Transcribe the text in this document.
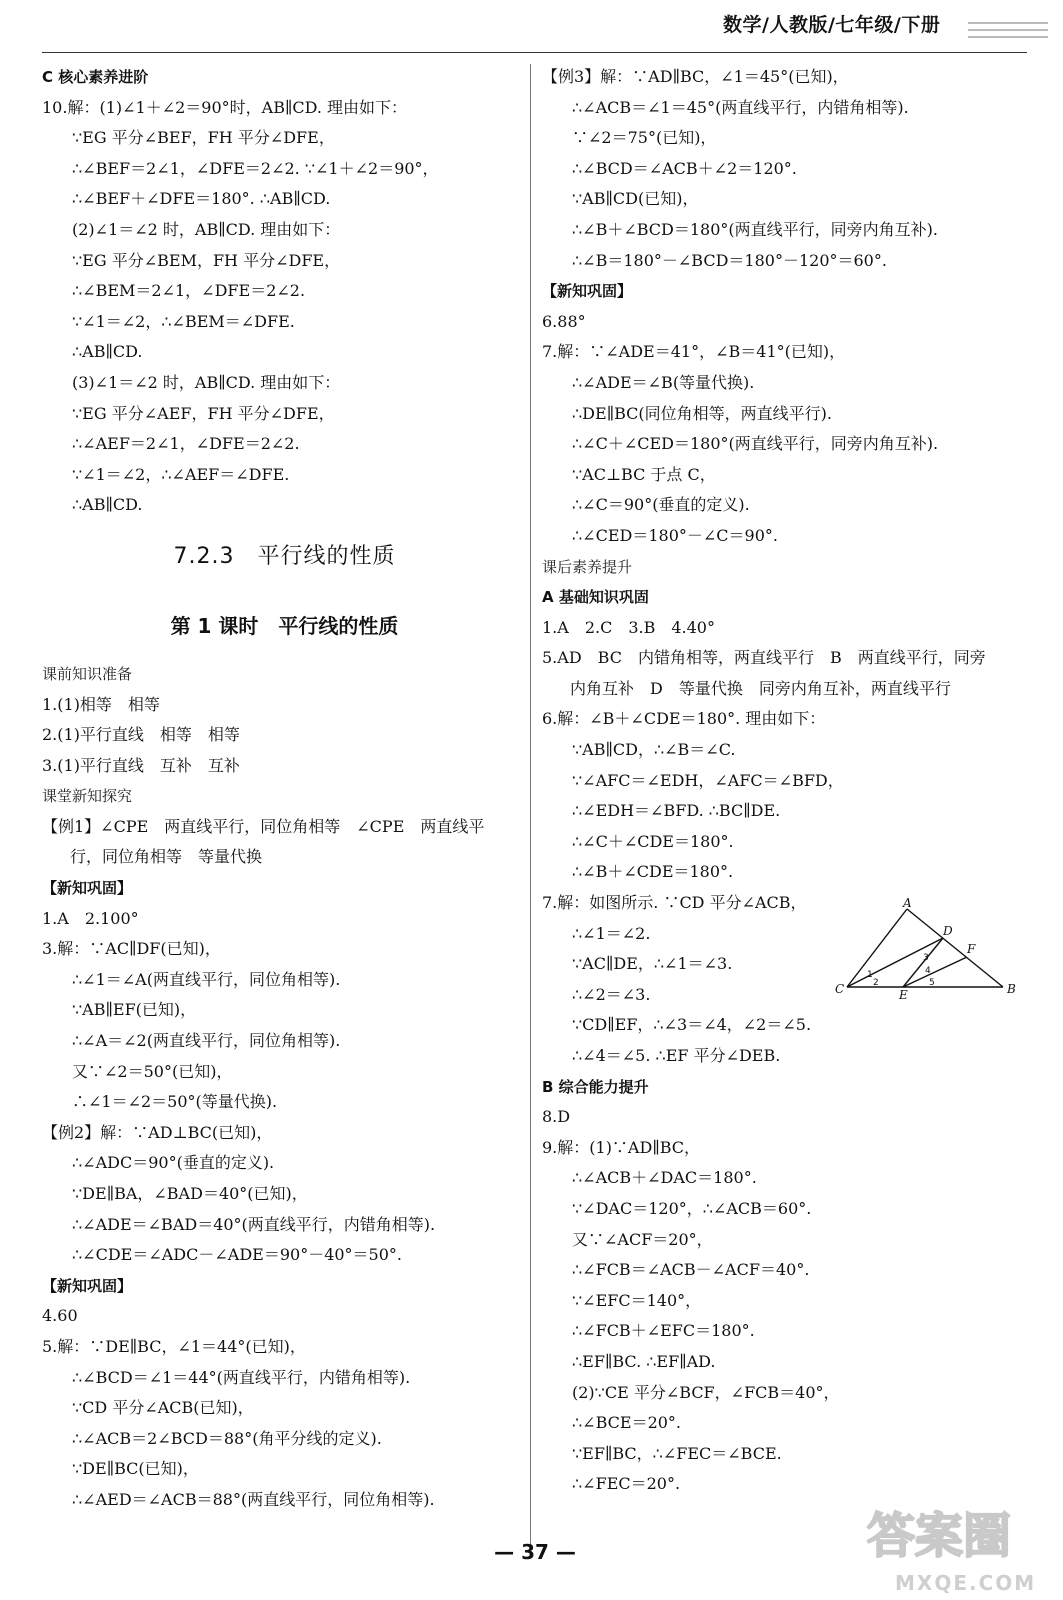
数学/人教版/七年级/下册
C 核心素养进阶
10.解：(1)∠1＋∠2＝90°时，AB∥CD. 理由如下：
∵EG 平分∠BEF，FH 平分∠DFE，
∴∠BEF＝2∠1，∠DFE＝2∠2. ∵∠1＋∠2＝90°，
∴∠BEF＋∠DFE＝180°. ∴AB∥CD.
(2)∠1＝∠2 时，AB∥CD. 理由如下：
∵EG 平分∠BEM，FH 平分∠DFE，
∴∠BEM＝2∠1，∠DFE＝2∠2.
∵∠1＝∠2，∴∠BEM＝∠DFE.
∴AB∥CD.
(3)∠1＝∠2 时，AB∥CD. 理由如下：
∵EG 平分∠AEF，FH 平分∠DFE，
∴∠AEF＝2∠1，∠DFE＝2∠2.
∵∠1＝∠2，∴∠AEF＝∠DFE.
∴AB∥CD.
7.2.3　平行线的性质
第 1 课时　平行线的性质
课前知识准备
1.(1)相等　相等
2.(1)平行直线　相等　相等
3.(1)平行直线　互补　互补
课堂新知探究
【例1】∠CPE　两直线平行，同位角相等　∠CPE　两直线平
行，同位角相等　等量代换
【新知巩固】
1.A　2.100°
3.解：∵AC∥DF(已知)，
∴∠1＝∠A(两直线平行，同位角相等).
∵AB∥EF(已知)，
∴∠A＝∠2(两直线平行，同位角相等).
又∵∠2＝50°(已知)，
∴∠1＝∠2＝50°(等量代换).
【例2】解：∵AD⊥BC(已知)，
∴∠ADC＝90°(垂直的定义).
∵DE∥BA，∠BAD＝40°(已知)，
∴∠ADE＝∠BAD＝40°(两直线平行，内错角相等).
∴∠CDE＝∠ADC－∠ADE＝90°－40°＝50°.
【新知巩固】
4.60
5.解：∵DE∥BC，∠1＝44°(已知)，
∴∠BCD＝∠1＝44°(两直线平行，内错角相等).
∵CD 平分∠ACB(已知)，
∴∠ACB＝2∠BCD＝88°(角平分线的定义).
∵DE∥BC(已知)，
∴∠AED＝∠ACB＝88°(两直线平行，同位角相等).
【例3】解：∵AD∥BC，∠1＝45°(已知)，
∴∠ACB＝∠1＝45°(两直线平行，内错角相等).
∵∠2＝75°(已知)，
∴∠BCD＝∠ACB＋∠2＝120°.
∵AB∥CD(已知)，
∴∠B＋∠BCD＝180°(两直线平行，同旁内角互补).
∴∠B＝180°－∠BCD＝180°－120°＝60°.
【新知巩固】
6.88°
7.解：∵∠ADE＝41°，∠B＝41°(已知)，
∴∠ADE＝∠B(等量代换).
∴DE∥BC(同位角相等，两直线平行).
∴∠C＋∠CED＝180°(两直线平行，同旁内角互补).
∵AC⊥BC 于点 C，
∴∠C＝90°(垂直的定义).
∴∠CED＝180°－∠C＝90°.
课后素养提升
A 基础知识巩固
1.A　2.C　3.B　4.40°
5.AD　BC　内错角相等，两直线平行　B　两直线平行，同旁
内角互补　D　等量代换　同旁内角互补，两直线平行
6.解：∠B＋∠CDE＝180°. 理由如下：
∵AB∥CD，∴∠B＝∠C.
∵∠AFC＝∠EDH，∠AFC＝∠BFD，
∴∠EDH＝∠BFD. ∴BC∥DE.
∴∠C＋∠CDE＝180°.
∴∠B＋∠CDE＝180°.
7.解：如图所示. ∵CD 平分∠ACB，
∴∠1＝∠2.
∵AC∥DE，∴∠1＝∠3.
∴∠2＝∠3.
∵CD∥EF，∴∠3＝∠4，∠2＝∠5.
∴∠4＝∠5. ∴EF 平分∠DEB.
B 综合能力提升
8.D
9.解：(1)∵AD∥BC，
∴∠ACB＋∠DAC＝180°.
∵∠DAC＝120°，∴∠ACB＝60°.
又∵∠ACF＝20°，
∴∠FCB＝∠ACB－∠ACF＝40°.
∵∠EFC＝140°，
∴∠FCB＋∠EFC＝180°.
∴EF∥BC. ∴EF∥AD.
(2)∵CE 平分∠BCF，∠FCB＝40°，
∴∠BCE＝20°.
∵EF∥BC，∴∠FEC＝∠BCE.
∴∠FEC＝20°.
A
B
C
D
E
F
1
2
3
4
5
— 37 —	答案圈
MXQE.COM
